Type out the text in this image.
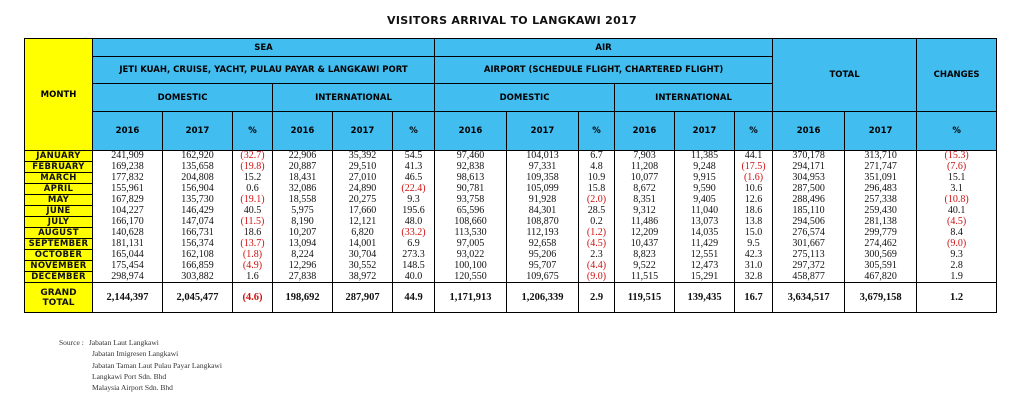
VISITORS ARRIVAL TO LANGKAWI 2017
MONTH	SEA						AIR						TOTAL		CHANGES
	JETI KUAH, CRUISE, YACHT, PULAU PAYAR & LANGKAWI PORT						AIRPORT (SCHEDULE FLIGHT, CHARTERED FLIGHT)								
	DOMESTIC			INTERNATIONAL			DOMESTIC			INTERNATIONAL					
	2016	2017	%	2016	2017	%	2016	2017	%	2016	2017	%	2016	2017	%
JANUARY	241,909	162,920	(32.7)	22,906	35,392	54.5	97,460	104,013	6.7	7,903	11,385	44.1	370,178	313,710	(15.3)
FEBRUARY	169,238	135,658	(19.8)	20,887	29,510	41.3	92,838	97,331	4.8	11,208	9,248	(17.5)	294,171	271,747	(7.6)
MARCH	177,832	204,808	15.2	18,431	27,010	46.5	98,613	109,358	10.9	10,077	9,915	(1.6)	304,953	351,091	15.1
APRIL	155,961	156,904	0.6	32,086	24,890	(22.4)	90,781	105,099	15.8	8,672	9,590	10.6	287,500	296,483	3.1
MAY	167,829	135,730	(19.1)	18,558	20,275	9.3	93,758	91,928	(2.0)	8,351	9,405	12.6	288,496	257,338	(10.8)
JUNE	104,227	146,429	40.5	5,975	17,660	195.6	65,596	84,301	28.5	9,312	11,040	18.6	185,110	259,430	40.1
JULY	166,170	147,074	(11.5)	8,190	12,121	48.0	108,660	108,870	0.2	11,486	13,073	13.8	294,506	281,138	(4.5)
AUGUST	140,628	166,731	18.6	10,207	6,820	(33.2)	113,530	112,193	(1.2)	12,209	14,035	15.0	276,574	299,779	8.4
SEPTEMBER	181,131	156,374	(13.7)	13,094	14,001	6.9	97,005	92,658	(4.5)	10,437	11,429	9.5	301,667	274,462	(9.0)
OCTOBER	165,044	162,108	(1.8)	8,224	30,704	273.3	93,022	95,206	2.3	8,823	12,551	42.3	275,113	300,569	9.3
NOVEMBER	175,454	166,859	(4.9)	12,296	30,552	148.5	100,100	95,707	(4.4)	9,522	12,473	31.0	297,372	305,591	2.8
DECEMBER	298,974	303,882	1.6	27,838	38,972	40.0	120,550	109,675	(9.0)	11,515	15,291	32.8	458,877	467,820	1.9
GRAND
TOTAL	2,144,397	2,045,477	(4.6)	198,692	287,907	44.9	1,171,913	1,206,339	2.9	119,515	139,435	16.7	3,634,517	3,679,158	1.2
Source : Jabatan Laut Langkawi
Jabatan Imigresen Langkawi
Jabatan Taman Laut Pulau Payar Langkawi
Langkawi Port Sdn. Bhd
Malaysia Airport Sdn. Bhd
